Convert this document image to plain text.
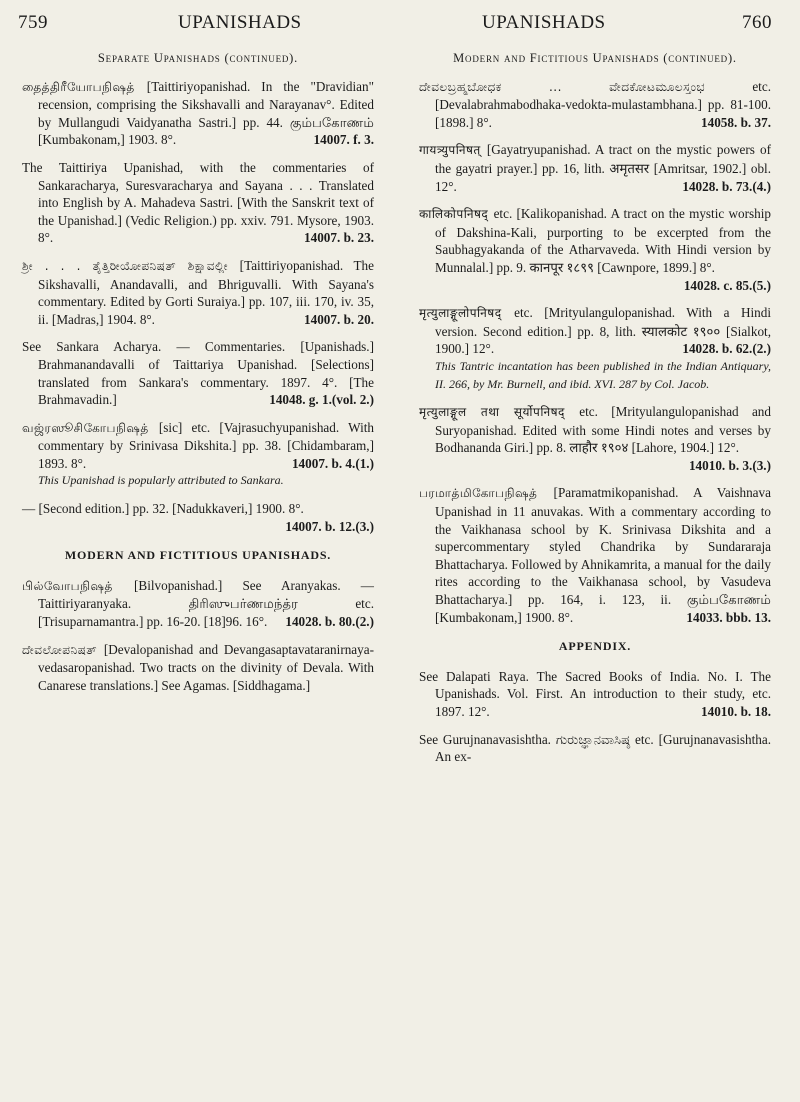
759	UPANISHADS	UPANISHADS	760
Separate Upanishads (continued).

தைத்திரீயோபநிஷத் [Taittiriyopanishad. In the "Dravidian" recension, comprising the Sikshavalli and Narayanav°. Edited by Mullangudi Vaidyanatha Sastri.] pp. 44. கும்பகோணம் [Kumbakonam,] 1903. 8°.	14007. f. 3.

The Taittiriya Upanishad, with the commentaries of Sankaracharya, Suresvaracharya and Sayana . . . Translated into English by A. Mahadeva Sastri. [With the Sanskrit text of the Upanishad.] (Vedic Religion.) pp. xxiv. 791. Mysore, 1903. 8°.	14007. b. 23.

ಶ್ರೀ . . . ತೈತ್ತಿರೀಯೋಪನಿಷತ್ ಶಿಕ್ಷಾವಲ್ಲೀ [Taittiriyopanishad. The Sikshavalli, Anandavalli, and Bhriguvalli. With Sayana's commentary. Edited by Gorti Suraiya.] pp. 107, iii. 170, iv. 35, ii. [Madras,] 1904. 8°.	14007. b. 20.

See Sankara Acharya. — Commentaries. [Upanishads.] Brahmanandavalli of Taittariya Upanishad. [Selections] translated from Sankara's commentary. 1897. 4°. [The Brahmavadin.]	14048. g. 1.(vol. 2.)

வஜ்ரஸூசிகோபநிஷத் [sic] etc. [Vajrasuchyupanishad. With commentary by Srinivasa Dikshita.] pp. 38. [Chidambaram,] 1893. 8°.	14007. b. 4.(1.)
This Upanishad is popularly attributed to Sankara.

— [Second edition.] pp. 32. [Nadukkaveri,] 1900. 8°.
14007. b. 12.(3.)

MODERN AND FICTITIOUS UPANISHADS.

பில்வோபநிஷத் [Bilvopanishad.] See Aranyakas. — Taittiriyaranyaka. திரிஸுபர்ணமந்த்ர etc. [Trisuparnamantra.] pp. 16-20. [18]96. 16°. 14028. b. 80.(2.)

ದೇವಲೋಪನಿಷತ್ [Devalopanishad and Devangasaptavataranirnaya-vedasaropanishad. Two tracts on the divinity of Devala. With Canarese translations.] See Agamas. [Siddhagama.]

Modern and Fictitious Upanishads (continued).

ದೇವಲಬ್ರಹ್ಮಬೋಧಕ ... ವೇದಕೋಟಮೂಲಸ್ತಂಭ etc. [Devalabrahmabodhaka-vedokta-mulastambhana.] pp. 81-100. [1898.] 8°.	14058. b. 37.

गायत्र्युपनिषत् [Gayatryupanishad. A tract on the mystic powers of the gayatri prayer.] pp. 16, lith. अमृतसर [Amritsar, 1902.] obl. 12°.	14028. b. 73.(4.)

कालिकोपनिषद् etc. [Kalikopanishad. A tract on the mystic worship of Dakshina-Kali, purporting to be excerpted from the Saubhagyakanda of the Atharvaveda. With Hindi version by Munnalal.] pp. 9. कानपूर १८९९ [Cawnpore, 1899.] 8°.
14028. c. 85.(5.)

मृत्युलाङ्गूलोपनिषद् etc. [Mrityulangulopanishad. With a Hindi version. Second edition.] pp. 8, lith. स्यालकोट १९०० [Sialkot, 1900.] 12°.	14028. b. 62.(2.)
This Tantric incantation has been published in the Indian Antiquary, II. 266, by Mr. Burnell, and ibid. XVI. 287 by Col. Jacob.

मृत्युलाङ्गूल तथा सूर्योपनिषद् etc. [Mrityulangulopanishad and Suryopanishad. Edited with some Hindi notes and verses by Bodhananda Giri.] pp. 8. लाहौर १९०४ [Lahore, 1904.] 12°.
14010. b. 3.(3.)

பரமாத்மிகோபநிஷத் [Paramatmikopanishad. A Vaishnava Upanishad in 11 anuvakas. With a commentary according to the Vaikhanasa school by K. Srinivasa Dikshita and a supercommentary styled Chandrika by Sundararaja Bhattacharya. Followed by Ahnikamrita, a manual for the daily rites according to the Vaikhanasa school, by Vasudeva Bhattacharya.] pp. 164, i. 123, ii. கும்பகோணம் [Kumbakonam,] 1900. 8°.	14033. bbb. 13.

APPENDIX.

See Dalapati Raya. The Sacred Books of India. No. I. The Upanishads. Vol. First. An introduction to their study, etc. 1897. 12°.	14010. b. 18.

See Gurujnanavasishtha. ಗುರುಜ್ಞಾನವಾಸಿಷ್ಠ etc. [Gurujnanavasishtha. An ex-
